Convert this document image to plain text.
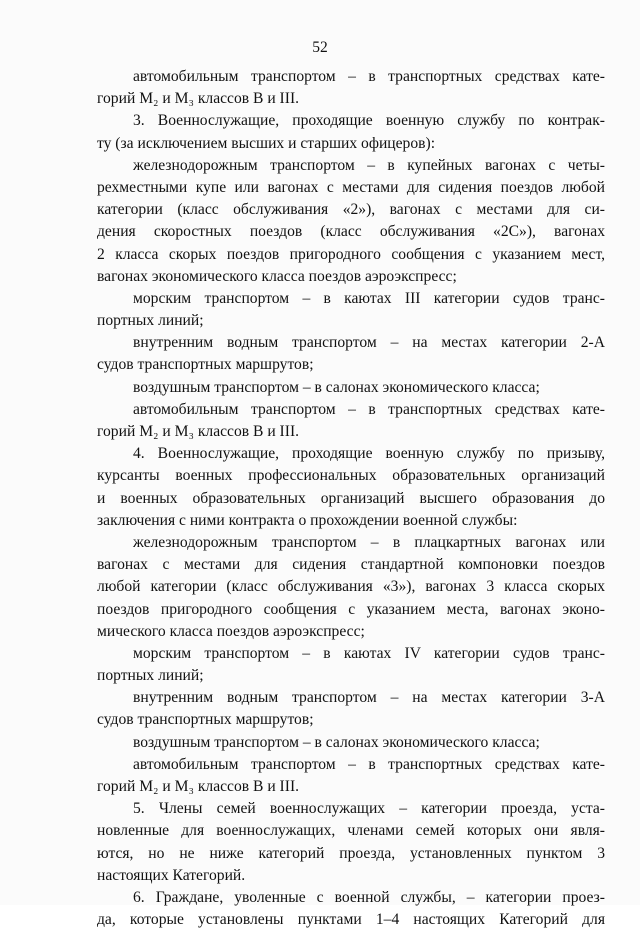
52
автомобильным транспортом – в транспортных средствах кате-
горий M₂ и M₃ классов B и III.
3. Военнослужащие, проходящие военную службу по контрак-
ту (за исключением высших и старших офицеров):
железнодорожным транспортом – в купейных вагонах с четы-
рехместными купе или вагонах с местами для сидения поездов любой
категории (класс обслуживания «2»), вагонах с местами для си-
дения скоростных поездов (класс обслуживания «2С»), вагонах
2 класса скорых поездов пригородного сообщения с указанием мест,
вагонах экономического класса поездов аэроэкспресс;
морским транспортом – в каютах III категории судов транс-
портных линий;
внутренним водным транспортом – на местах категории 2-А
судов транспортных маршрутов;
воздушным транспортом – в салонах экономического класса;
автомобильным транспортом – в транспортных средствах кате-
горий M₂ и M₃ классов B и III.
4. Военнослужащие, проходящие военную службу по призыву,
курсанты военных профессиональных образовательных организаций
и военных образовательных организаций высшего образования до
заключения с ними контракта о прохождении военной службы:
железнодорожным транспортом – в плацкартных вагонах или
вагонах с местами для сидения стандартной компоновки поездов
любой категории (класс обслуживания «3»), вагонах 3 класса скорых
поездов пригородного сообщения с указанием места, вагонах эконо-
мического класса поездов аэроэкспресс;
морским транспортом – в каютах IV категории судов транс-
портных линий;
внутренним водным транспортом – на местах категории 3-А
судов транспортных маршрутов;
воздушным транспортом – в салонах экономического класса;
автомобильным транспортом – в транспортных средствах кате-
горий M₂ и M₃ классов B и III.
5. Члены семей военнослужащих – категории проезда, уста-
новленные для военнослужащих, членами семей которых они явля-
ются, но не ниже категорий проезда, установленных пунктом 3
настоящих Категорий.
6. Граждане, уволенные с военной службы, – категории проез-
да, которые установлены пунктами 1–4 настоящих Категорий для
